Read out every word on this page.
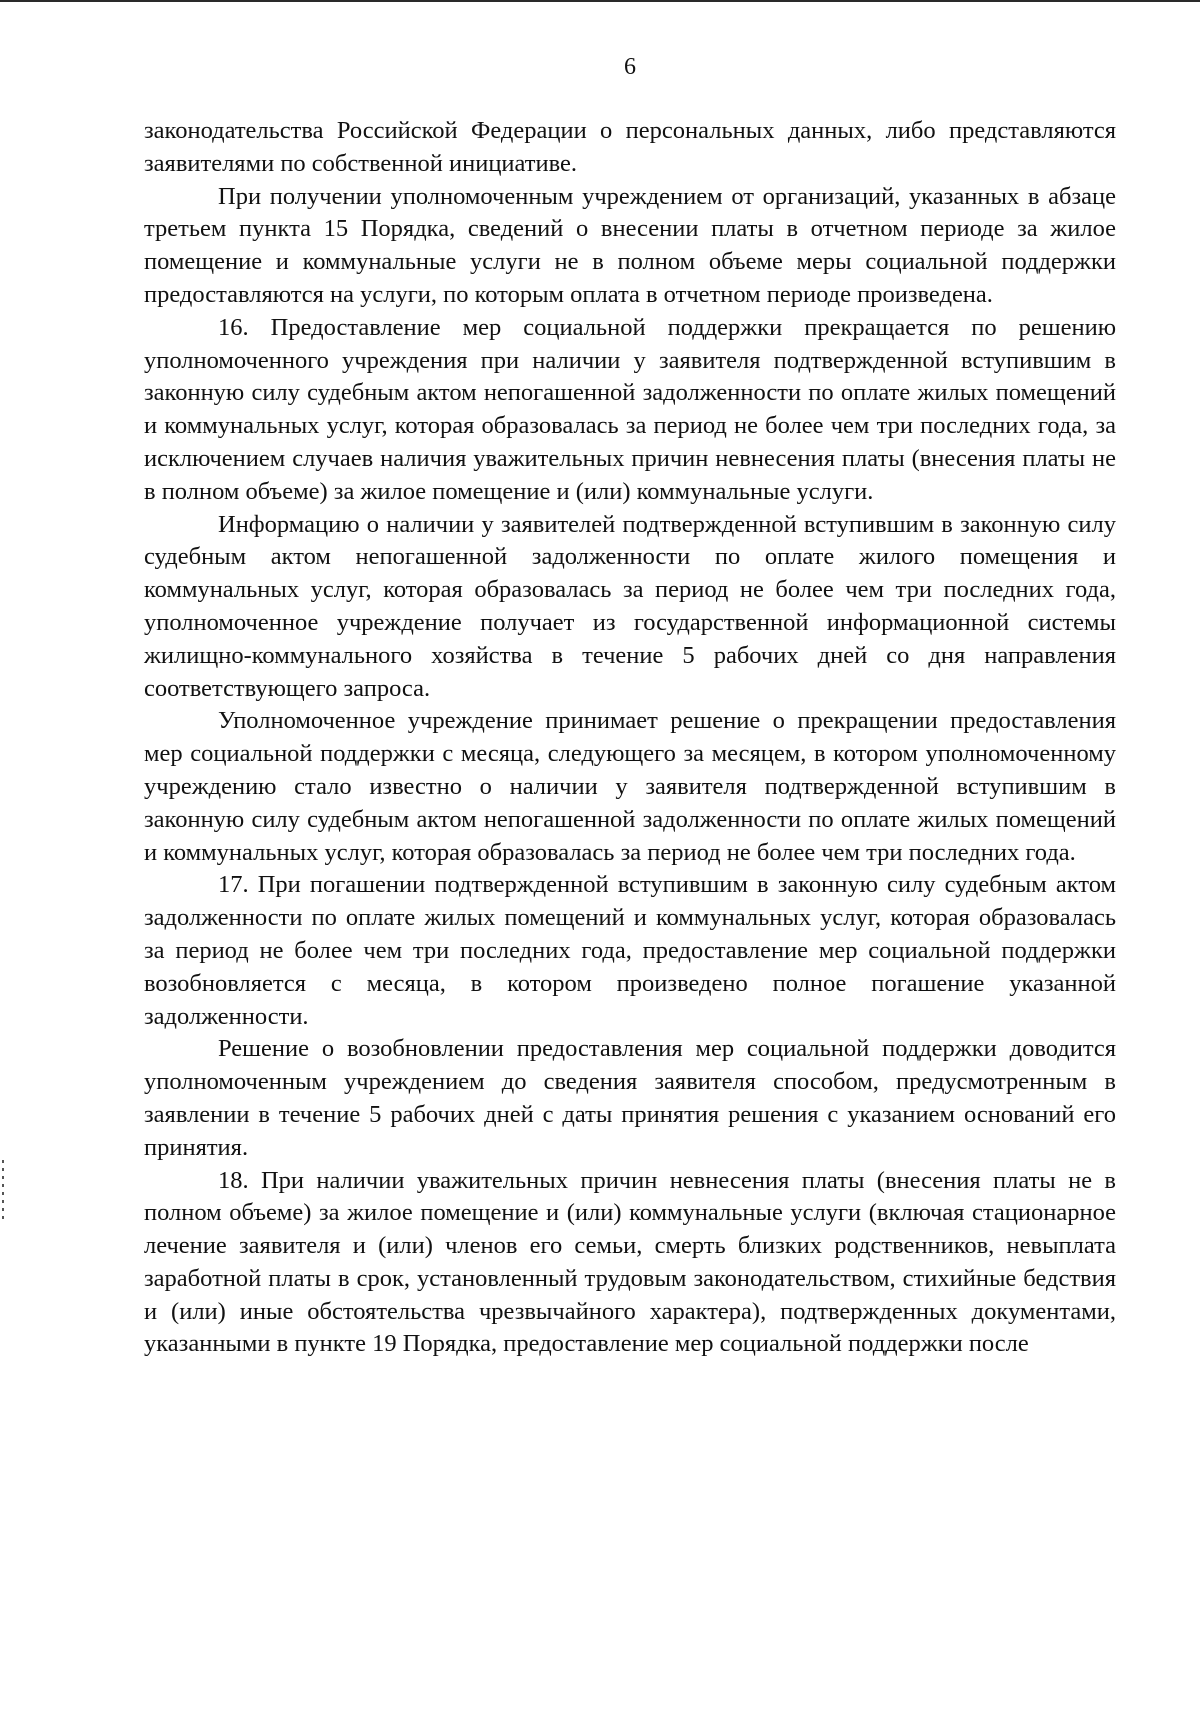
6

законодательства Российской Федерации о персональных данных, либо представляются заявителями по собственной инициативе.

При получении уполномоченным учреждением от организаций, указанных в абзаце третьем пункта 15 Порядка, сведений о внесении платы в отчетном периоде за жилое помещение и коммунальные услуги не в полном объеме меры социальной поддержки предоставляются на услуги, по которым оплата в отчетном периоде произведена.

16. Предоставление мер социальной поддержки прекращается по решению уполномоченного учреждения при наличии у заявителя подтвержденной вступившим в законную силу судебным актом непогашенной задолженности по оплате жилых помещений и коммунальных услуг, которая образовалась за период не более чем три последних года, за исключением случаев наличия уважительных причин невнесения платы (внесения платы не в полном объеме) за жилое помещение и (или) коммунальные услуги.

Информацию о наличии у заявителей подтвержденной вступившим в законную силу судебным актом непогашенной задолженности по оплате жилого помещения и коммунальных услуг, которая образовалась за период не более чем три последних года, уполномоченное учреждение получает из государственной информационной системы жилищно-коммунального хозяйства в течение 5 рабочих дней со дня направления соответствующего запроса.

Уполномоченное учреждение принимает решение о прекращении предоставления мер социальной поддержки с месяца, следующего за месяцем, в котором уполномоченному учреждению стало известно о наличии у заявителя подтвержденной вступившим в законную силу судебным актом непогашенной задолженности по оплате жилых помещений и коммунальных услуг, которая образовалась за период не более чем три последних года.

17. При погашении подтвержденной вступившим в законную силу судебным актом задолженности по оплате жилых помещений и коммунальных услуг, которая образовалась за период не более чем три последних года, предоставление мер социальной поддержки возобновляется с месяца, в котором произведено полное погашение указанной задолженности.

Решение о возобновлении предоставления мер социальной поддержки доводится уполномоченным учреждением до сведения заявителя способом, предусмотренным в заявлении в течение 5 рабочих дней с даты принятия решения с указанием оснований его принятия.

18. При наличии уважительных причин невнесения платы (внесения платы не в полном объеме) за жилое помещение и (или) коммунальные услуги (включая стационарное лечение заявителя и (или) членов его семьи, смерть близких родственников, невыплата заработной платы в срок, установленный трудовым законодательством, стихийные бедствия и (или) иные обстоятельства чрезвычайного характера), подтвержденных документами, указанными в пункте 19 Порядка, предоставление мер социальной поддержки после
